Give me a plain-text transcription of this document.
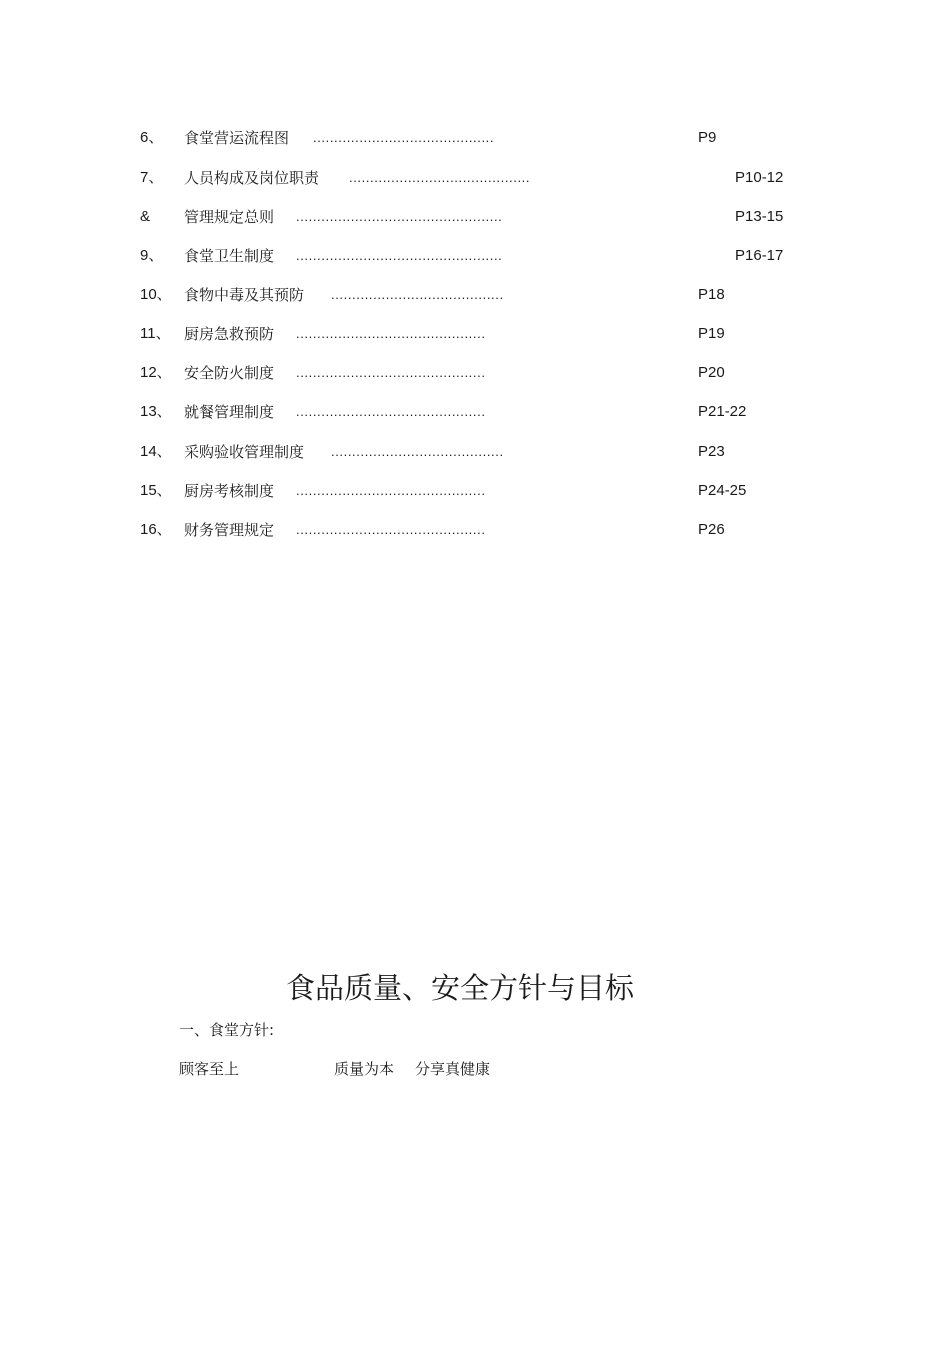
6、 食堂营运流程图 ...........................................	P9
7、 人员构成及岗位职责 ...........................................	P10-12
& 管理规定总则 .................................................	P13-15
9、 食堂卫生制度 .................................................	P16-17
10、 食物中毒及其预防 .........................................	P18
11、 厨房急救预防 .............................................	P19
12、 安全防火制度 .............................................	P20
13、 就餐管理制度 .............................................	P21-22
14、 采购验收管理制度 .........................................	P23
15、 厨房考核制度 .............................................	P24-25
16、 财务管理规定 .............................................	P26
食品质量、安全方针与目标
一、食堂方针:
顾客至上	质量为本 分享真健康
